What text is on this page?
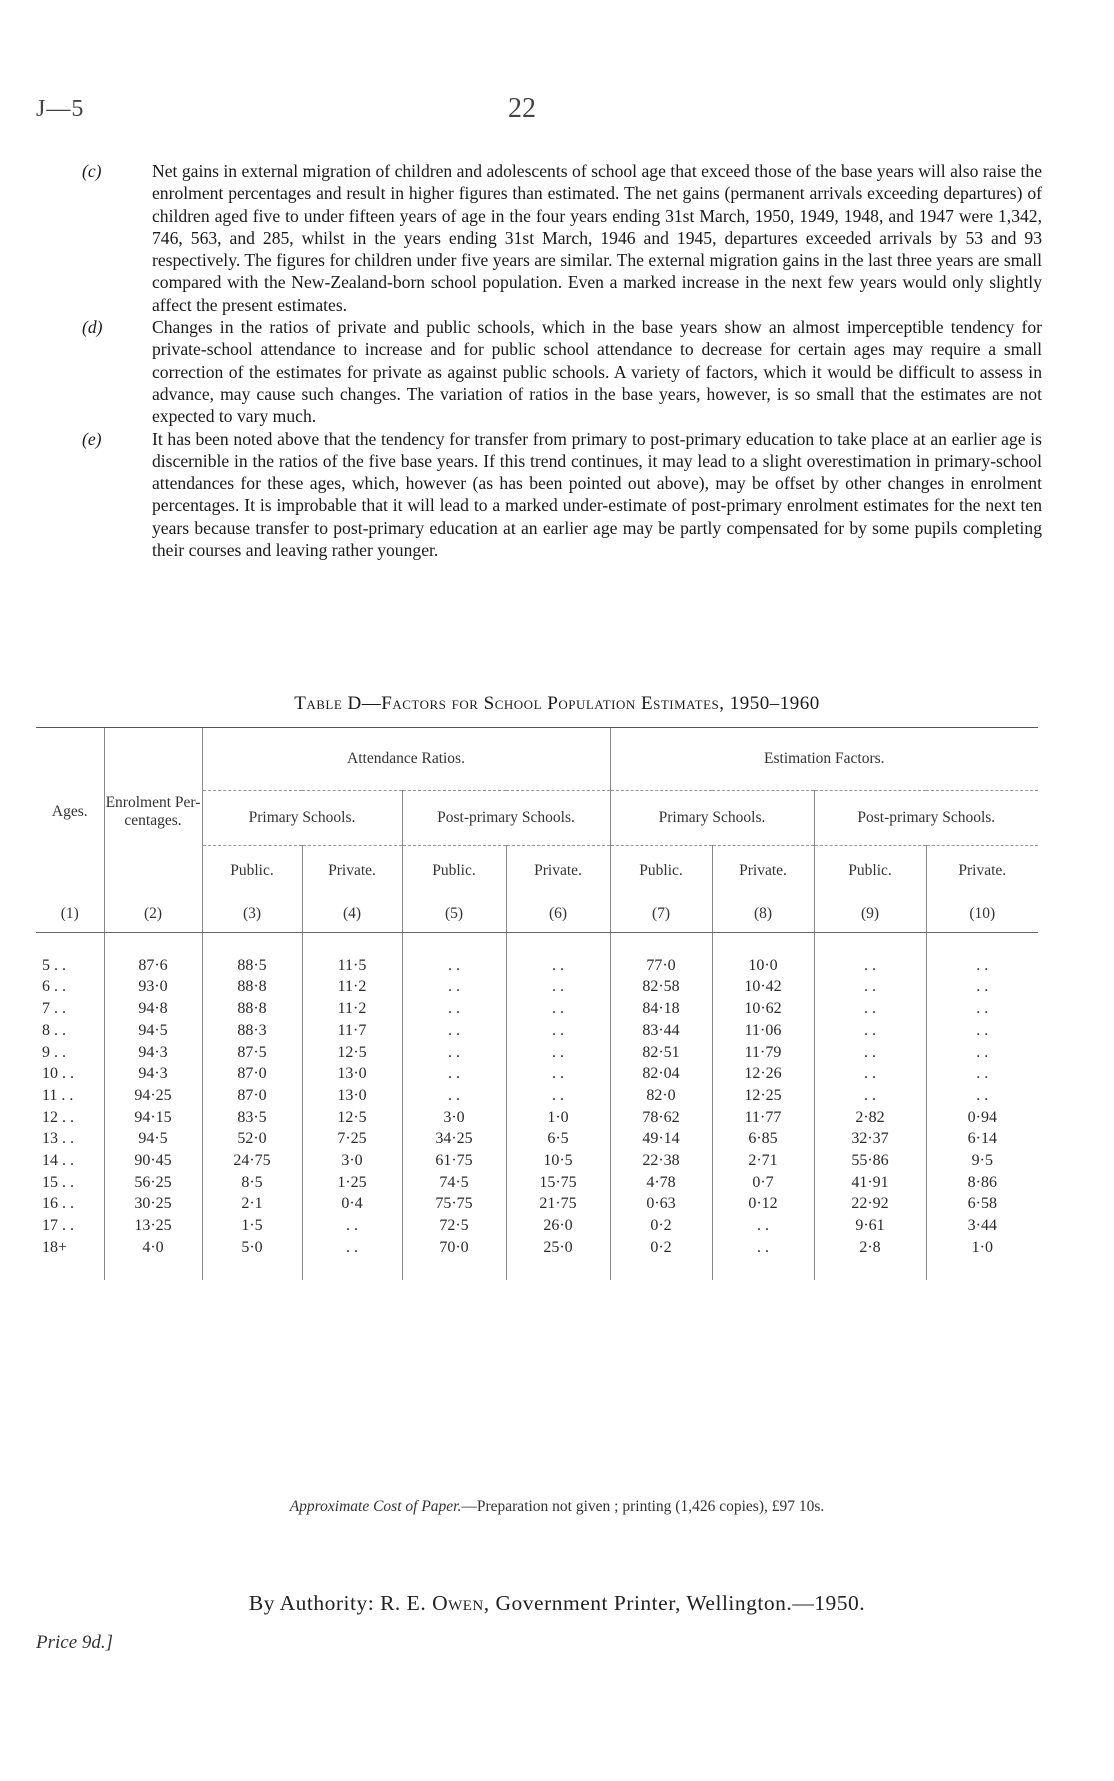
J—5	22
(c)	Net gains in external migration of children and adolescents of school age that exceed those of the base years will also raise the enrolment percentages and result in higher figures than estimated. The net gains (permanent arrivals exceeding departures) of children aged five to under fifteen years of age in the four years ending 31st March, 1950, 1949, 1948, and 1947 were 1,342, 746, 563, and 285, whilst in the years ending 31st March, 1946 and 1945, departures exceeded arrivals by 53 and 93 respectively. The figures for children under five years are similar. The external migration gains in the last three years are small compared with the New-Zealand-born school population. Even a marked increase in the next few years would only slightly affect the present estimates.
(d)	Changes in the ratios of private and public schools, which in the base years show an almost imperceptible tendency for private-school attendance to increase and for public school attendance to decrease for certain ages may require a small correction of the estimates for private as against public schools. A variety of factors, which it would be difficult to assess in advance, may cause such changes. The variation of ratios in the base years, however, is so small that the estimates are not expected to vary much.
(e)	It has been noted above that the tendency for transfer from primary to post-primary education to take place at an earlier age is discernible in the ratios of the five base years. If this trend continues, it may lead to a slight overestimation in primary-school attendances for these ages, which, however (as has been pointed out above), may be offset by other changes in enrolment percentages. It is improbable that it will lead to a marked under-estimate of post-primary enrolment estimates for the next ten years because transfer to post-primary education at an earlier age may be partly compensated for by some pupils completing their courses and leaving rather younger.
Table D—Factors for School Population Estimates, 1950–1960
Ages.	Enrolment Per-centages.	Attendance Ratios.				Estimation Factors.			
		Primary Schools.		Post-primary Schools.		Primary Schools.		Post-primary Schools.	
		Public.	Private.	Public.	Private.	Public.	Private.	Public.	Private.
(1)	(2)	(3)	(4)	(5)	(6)	(7)	(8)	(9)	(10)

5 . .	87·6	88·5	11·5	. .	. .	77·0	10·0	. .	. .
6 . .	93·0	88·8	11·2	. .	. .	82·58	10·42	. .	. .
7 . .	94·8	88·8	11·2	. .	. .	84·18	10·62	. .	. .
8 . .	94·5	88·3	11·7	. .	. .	83·44	11·06	. .	. .
9 . .	94·3	87·5	12·5	. .	. .	82·51	11·79	. .	. .
10 . .	94·3	87·0	13·0	. .	. .	82·04	12·26	. .	. .
11 . .	94·25	87·0	13·0	. .	. .	82·0	12·25	. .	. .
12 . .	94·15	83·5	12·5	3·0	1·0	78·62	11·77	2·82	0·94
13 . .	94·5	52·0	7·25	34·25	6·5	49·14	6·85	32·37	6·14
14 . .	90·45	24·75	3·0	61·75	10·5	22·38	2·71	55·86	9·5
15 . .	56·25	8·5	1·25	74·5	15·75	4·78	0·7	41·91	8·86
16 . .	30·25	2·1	0·4	75·75	21·75	0·63	0·12	22·92	6·58
17 . .	13·25	1·5	. .	72·5	26·0	0·2	. .	9·61	3·44
18+	4·0	5·0	. .	70·0	25·0	0·2	. .	2·8	1·0

Approximate Cost of Paper.—Preparation not given ; printing (1,426 copies), £97 10s.
By Authority: R. E. Owen, Government Printer, Wellington.—1950.
Price 9d.]
